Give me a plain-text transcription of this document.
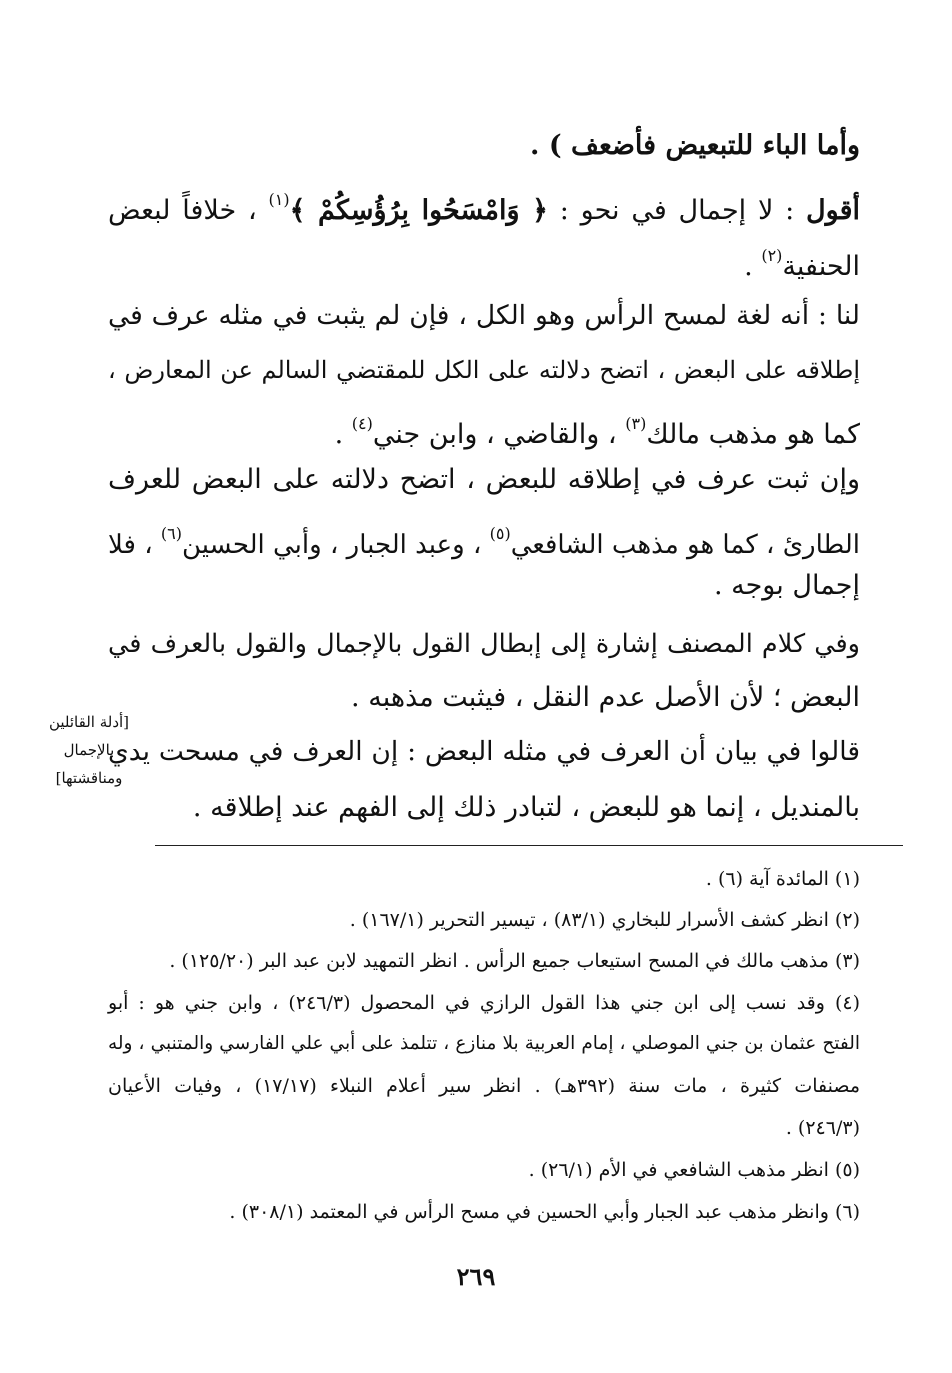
وأما الباء للتبعيض فأضعف ) .
أقول : لا إجمال في نحو : ﴿ وَامْسَحُوا بِرُؤُسِكُمْ ﴾$^{(١)}$ ، خلافاً لبعض
الحنفية$^{(٢)}$ .
لنا : أنه لغة لمسح الرأس وهو الكل ، فإن لم يثبت في مثله عرف في
إطلاقه على البعض ، اتضح دلالته على الكل للمقتضي السالم عن المعارض ،
كما هو مذهب مالك$^{(٣)}$ ، والقاضي ، وابن جني$^{(٤)}$ .
وإن ثبت عرف في إطلاقه للبعض ، اتضح دلالته على البعض للعرف
الطارئ ، كما هو مذهب الشافعي$^{(٥)}$ ، وعبد الجبار ، وأبي الحسين$^{(٦)}$ ، فلا
إجمال بوجه .
وفي كلام المصنف إشارة إلى إبطال القول بالإجمال والقول بالعرف في
البعض ؛ لأن الأصل عدم النقل ، فيثبت مذهبه .
قالوا في بيان أن العرف في مثله البعض : إن العرف في مسحت يدي
بالمنديل ، إنما هو للبعض ، لتبادر ذلك إلى الفهم عند إطلاقه .
[أدلة القائلين
بالإجمال
ومناقشتها]
(١) المائدة آية (٦) .
(٢) انظر كشف الأسرار للبخاري (٨٣/١) ، تيسير التحرير (١٦٧/١) .
(٣) مذهب مالك في المسح استيعاب جميع الرأس . انظر التمهيد لابن عبد البر (١٢٥/٢٠) .
(٤) وقد نسب إلى ابن جني هذا القول الرازي في المحصول (٢٤٦/٣) ، وابن جني هو : أبو
الفتح عثمان بن جني الموصلي ، إمام العربية بلا منازع ، تتلمذ على أبي علي الفارسي والمتنبي ، وله
مصنفات كثيرة ، مات سنة (٣٩٢هـ) . انظر سير أعلام النبلاء (١٧/١٧) ، وفيات الأعيان
(٢٤٦/٣) .
(٥) انظر مذهب الشافعي في الأم (٢٦/١) .
(٦) وانظر مذهب عبد الجبار وأبي الحسين في مسح الرأس في المعتمد (٣٠٨/١) .
٢٦٩
